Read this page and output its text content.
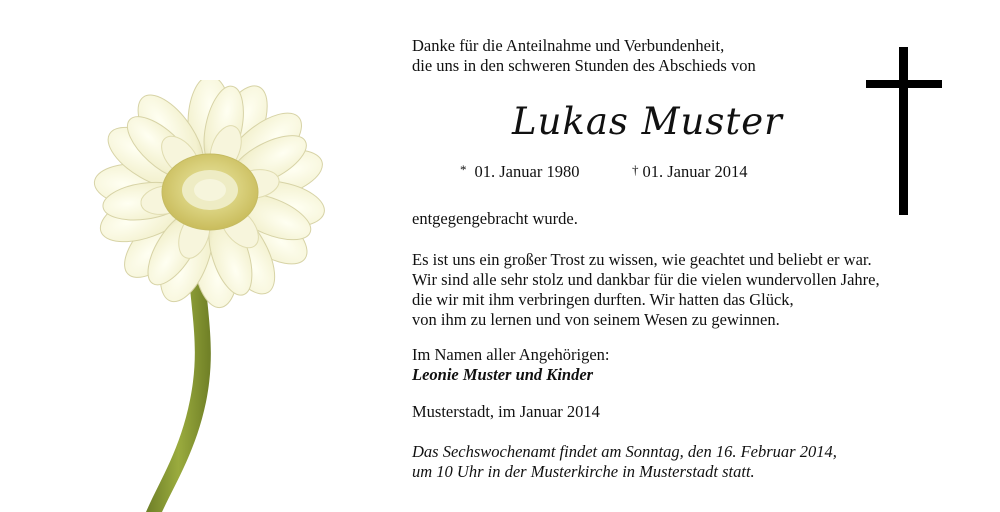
Danke für die Anteilnahme und Verbundenheit,
die uns in den schweren Stunden des Abschieds von
Lukas Muster
* 01. Januar 1980	† 01. Januar 2014
entgegengebracht wurde.
Es ist uns ein großer Trost zu wissen, wie geachtet und beliebt er war.
Wir sind alle sehr stolz und dankbar für die vielen wundervollen Jahre,
die wir mit ihm verbringen durften. Wir hatten das Glück,
von ihm zu lernen und von seinem Wesen zu gewinnen.
Im Namen aller Angehörigen:
Leonie Muster und Kinder
Musterstadt, im Januar 2014
Das Sechswochenamt findet am Sonntag, den 16. Februar 2014,
um 10 Uhr in der Musterkirche in Musterstadt statt.
